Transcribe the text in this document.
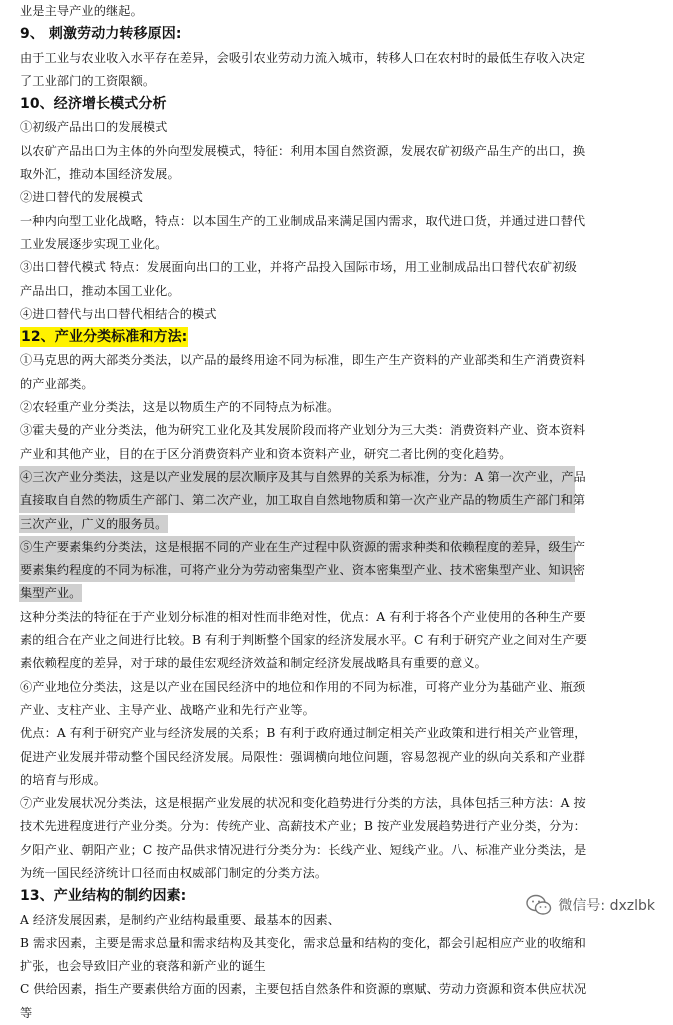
业是主导产业的继起。
9、 刺激劳动力转移原因:
由于工业与农业收入水平存在差异，会吸引农业劳动力流入城市，转移人口在农村时的最低生存收入决定
了工业部门的工资限额。
10、经济增长模式分析
①初级产品出口的发展模式
以农矿产品出口为主体的外向型发展模式，特征：利用本国自然资源，发展农矿初级产品生产的出口，换
取外汇，推动本国经济发展。
②进口替代的发展模式
一种内向型工业化战略，特点：以本国生产的工业制成品来满足国内需求，取代进口货，并通过进口替代
工业发展逐步实现工业化。
③出口替代模式 特点：发展面向出口的工业，并将产品投入国际市场，用工业制成品出口替代农矿初级
产品出口，推动本国工业化。
④进口替代与出口替代相结合的模式
12、产业分类标准和方法:
①马克思的两大部类分类法，以产品的最终用途不同为标准，即生产生产资料的产业部类和生产消费资料
的产业部类。
②农轻重产业分类法，这是以物质生产的不同特点为标准。
③霍夫曼的产业分类法，他为研究工业化及其发展阶段而将产业划分为三大类：消费资料产业、资本资料
产业和其他产业，目的在于区分消费资料产业和资本资料产业，研究二者比例的变化趋势。
④三次产业分类法，这是以产业发展的层次顺序及其与自然界的关系为标准，分为：A 第一次产业，产品
直接取自自然的物质生产部门、第二次产业，加工取自自然地物质和第一次产业产品的物质生产部门和第
三次产业，广义的服务员。
⑤生产要素集约分类法，这是根据不同的产业在生产过程中队资源的需求种类和依赖程度的差异，级生产
要素集约程度的不同为标准，可将产业分为劳动密集型产业、资本密集型产业、技术密集型产业、知识密
集型产业。
这种分类法的特征在于产业划分标准的相对性而非绝对性，优点：A 有利于将各个产业使用的各种生产要
素的组合在产业之间进行比较。B 有利于判断整个国家的经济发展水平。C 有利于研究产业之间对生产要
素依赖程度的差异，对于球的最佳宏观经济效益和制定经济发展战略具有重要的意义。
⑥产业地位分类法，这是以产业在国民经济中的地位和作用的不同为标准，可将产业分为基础产业、瓶颈
产业、支柱产业、主导产业、战略产业和先行产业等。
优点：A 有利于研究产业与经济发展的关系；B 有利于政府通过制定相关产业政策和进行相关产业管理，
促进产业发展并带动整个国民经济发展。局限性：强调横向地位问题，容易忽视产业的纵向关系和产业群
的培育与形成。
⑦产业发展状况分类法，这是根据产业发展的状况和变化趋势进行分类的方法，具体包括三种方法：A 按
技术先进程度进行产业分类。分为：传统产业、高薪技术产业；B 按产业发展趋势进行产业分类，分为：
夕阳产业、朝阳产业；C 按产品供求情况进行分类分为：长线产业、短线产业。八、标准产业分类法，是
为统一国民经济统计口径而由权威部门制定的分类方法。
13、产业结构的制约因素:
A 经济发展因素，是制约产业结构最重要、最基本的因素、
B 需求因素，主要是需求总量和需求结构及其变化，需求总量和结构的变化，都会引起相应产业的收缩和
扩张，也会导致旧产业的衰落和新产业的诞生
C 供给因素，指生产要素供给方面的因素，主要包括自然条件和资源的禀赋、劳动力资源和资本供应状况
等
微信号: dxzlbk
